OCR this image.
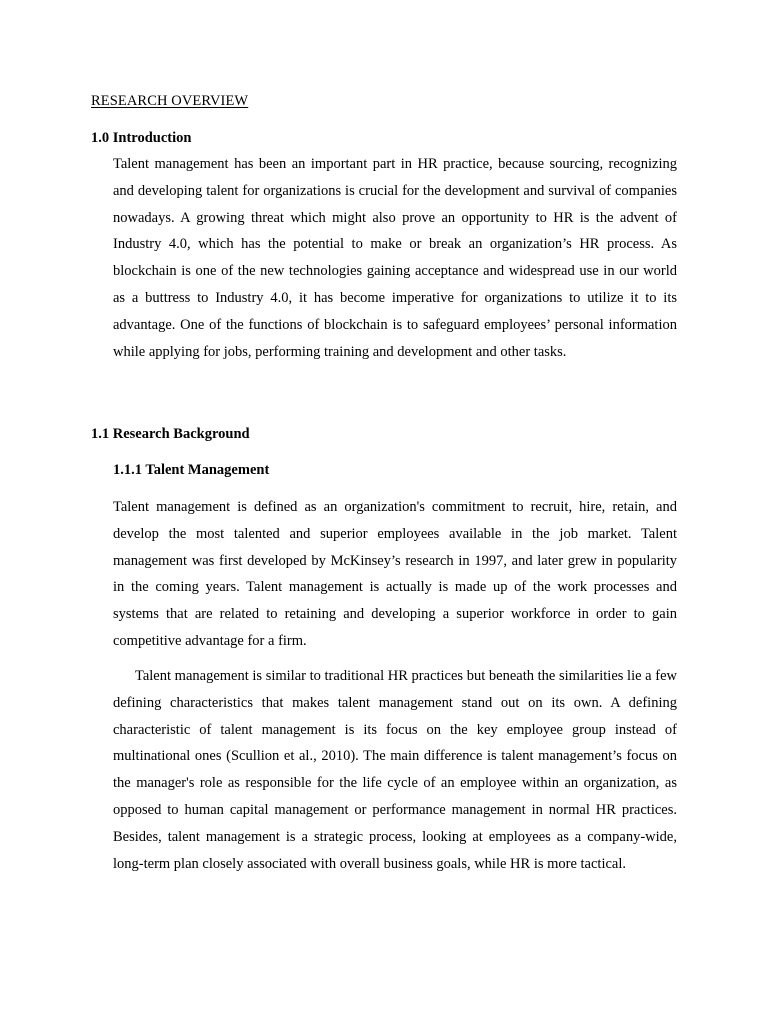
RESEARCH OVERVIEW
1.0 Introduction

Talent management has been an important part in HR practice, because sourcing, recognizing and developing talent for organizations is crucial for the development and survival of companies nowadays. A growing threat which might also prove an opportunity to HR is the advent of Industry 4.0, which has the potential to make or break an organization’s HR process. As blockchain is one of the new technologies gaining acceptance and widespread use in our world as a buttress to Industry 4.0, it has become imperative for organizations to utilize it to its advantage. One of the functions of blockchain is to safeguard employees’ personal information while applying for jobs, performing training and development and other tasks.

1.1 Research Background
1.1.1 Talent Management

Talent management is defined as an organization's commitment to recruit, hire, retain, and develop the most talented and superior employees available in the job market. Talent management was first developed by McKinsey’s research in 1997, and later grew in popularity in the coming years. Talent management is actually is made up of the work processes and systems that are related to retaining and developing a superior workforce in order to gain competitive advantage for a firm.

Talent management is similar to traditional HR practices but beneath the similarities lie a few defining characteristics that makes talent management stand out on its own. A defining characteristic of talent management is its focus on the key employee group instead of multinational ones (Scullion et al., 2010). The main difference is talent management’s focus on the manager's role as responsible for the life cycle of an employee within an organization, as opposed to human capital management or performance management in normal HR practices. Besides, talent management is a strategic process, looking at employees as a company-wide, long-term plan closely associated with overall business goals, while HR is more tactical.
